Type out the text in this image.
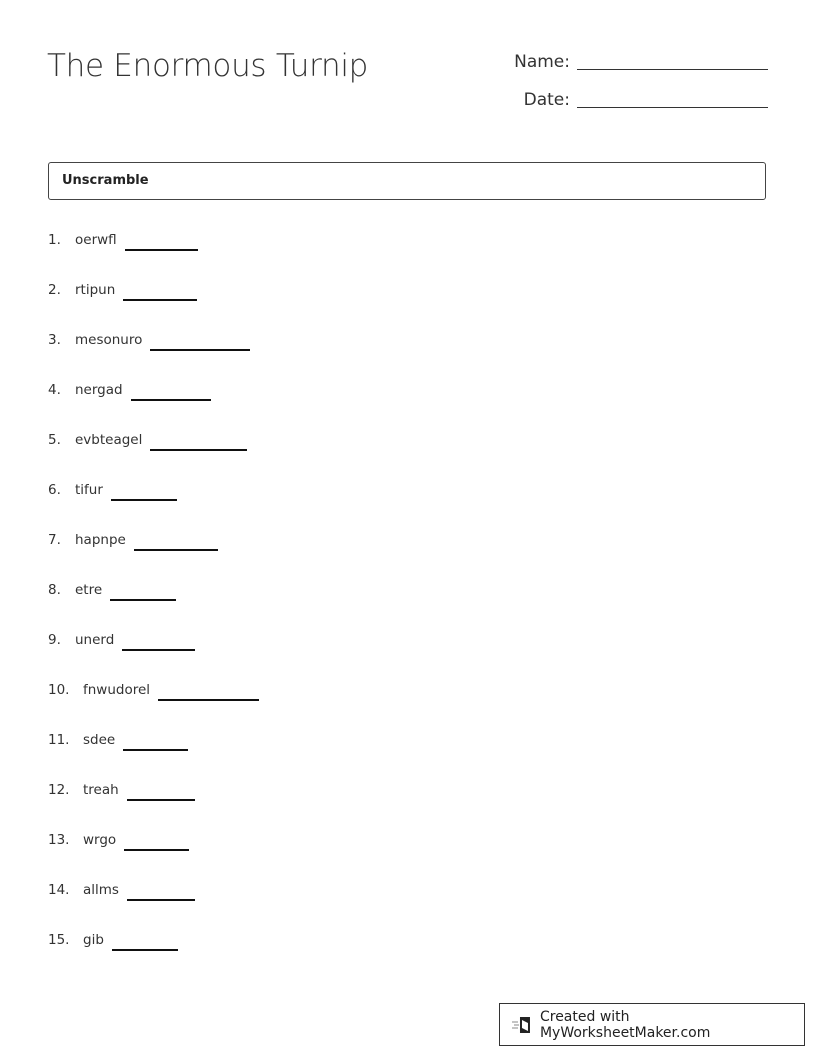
The Enormous Turnip	Name:
Date:
Unscramble
1.	oerwfl
2.	rtipun
3.	mesonuro
4.	nergad
5.	evbteagel
6.	tifur
7.	hapnpe
8.	etre
9.	unerd
10.	fnwudorel
11.	sdee
12.	treah
13.	wrgo
14.	allms
15.	gib
Created with MyWorksheetMaker.com
